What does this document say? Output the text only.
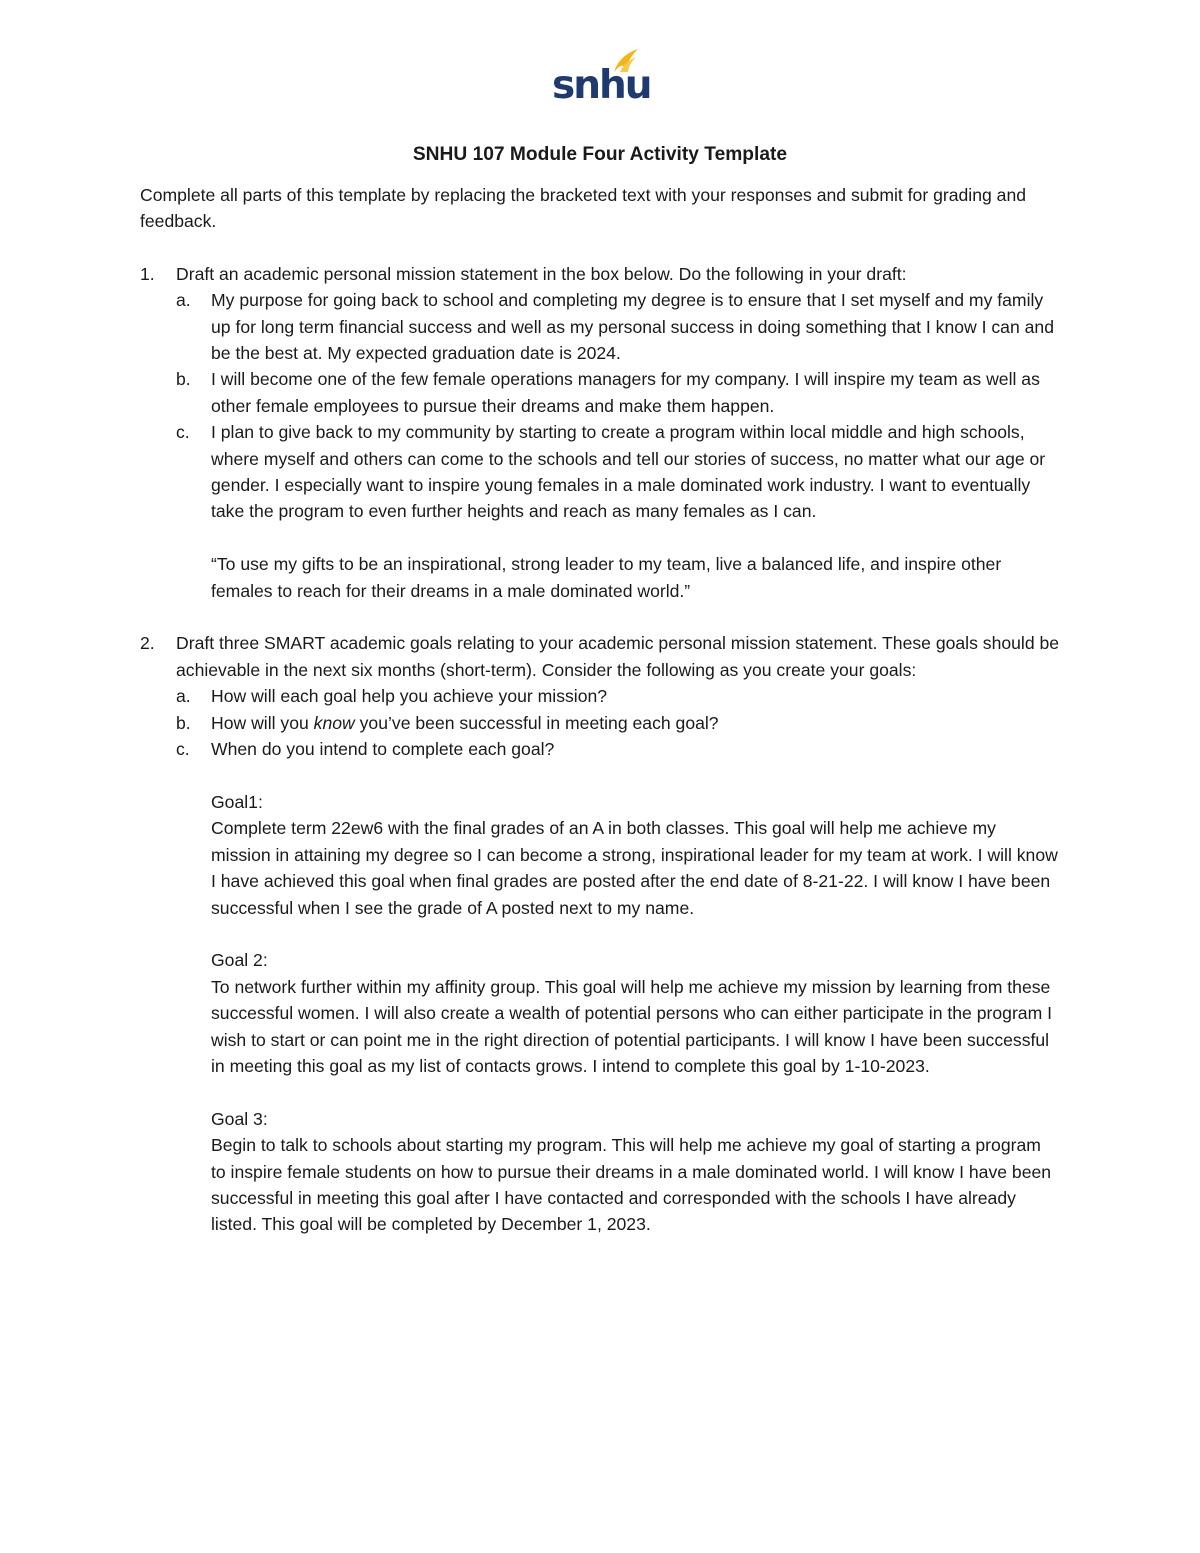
snhu
SNHU 107 Module Four Activity Template

Complete all parts of this template by replacing the bracketed text with your responses and submit for grading and feedback.

1. Draft an academic personal mission statement in the box below. Do the following in your draft:
a. My purpose for going back to school and completing my degree is to ensure that I set myself and my family up for long term financial success and well as my personal success in doing something that I know I can and be the best at. My expected graduation date is 2024.
b. I will become one of the few female operations managers for my company. I will inspire my team as well as other female employees to pursue their dreams and make them happen.
c. I plan to give back to my community by starting to create a program within local middle and high schools, where myself and others can come to the schools and tell our stories of success, no matter what our age or gender. I especially want to inspire young females in a male dominated work industry. I want to eventually take the program to even further heights and reach as many females as I can.

“To use my gifts to be an inspirational, strong leader to my team, live a balanced life, and inspire other females to reach for their dreams in a male dominated world.”

2. Draft three SMART academic goals relating to your academic personal mission statement. These goals should be achievable in the next six months (short-term). Consider the following as you create your goals:
a. How will each goal help you achieve your mission?
b. How will you know you’ve been successful in meeting each goal?
c. When do you intend to complete each goal?

Goal1:

Complete term 22ew6 with the final grades of an A in both classes. This goal will help me achieve my mission in attaining my degree so I can become a strong, inspirational leader for my team at work. I will know I have achieved this goal when final grades are posted after the end date of 8-21-22. I will know I have been successful when I see the grade of A posted next to my name.

Goal 2:

To network further within my affinity group. This goal will help me achieve my mission by learning from these successful women. I will also create a wealth of potential persons who can either participate in the program I wish to start or can point me in the right direction of potential participants. I will know I have been successful in meeting this goal as my list of contacts grows. I intend to complete this goal by 1-10-2023.

Goal 3:

Begin to talk to schools about starting my program. This will help me achieve my goal of starting a program to inspire female students on how to pursue their dreams in a male dominated world. I will know I have been successful in meeting this goal after I have contacted and corresponded with the schools I have already listed. This goal will be completed by December 1, 2023.
